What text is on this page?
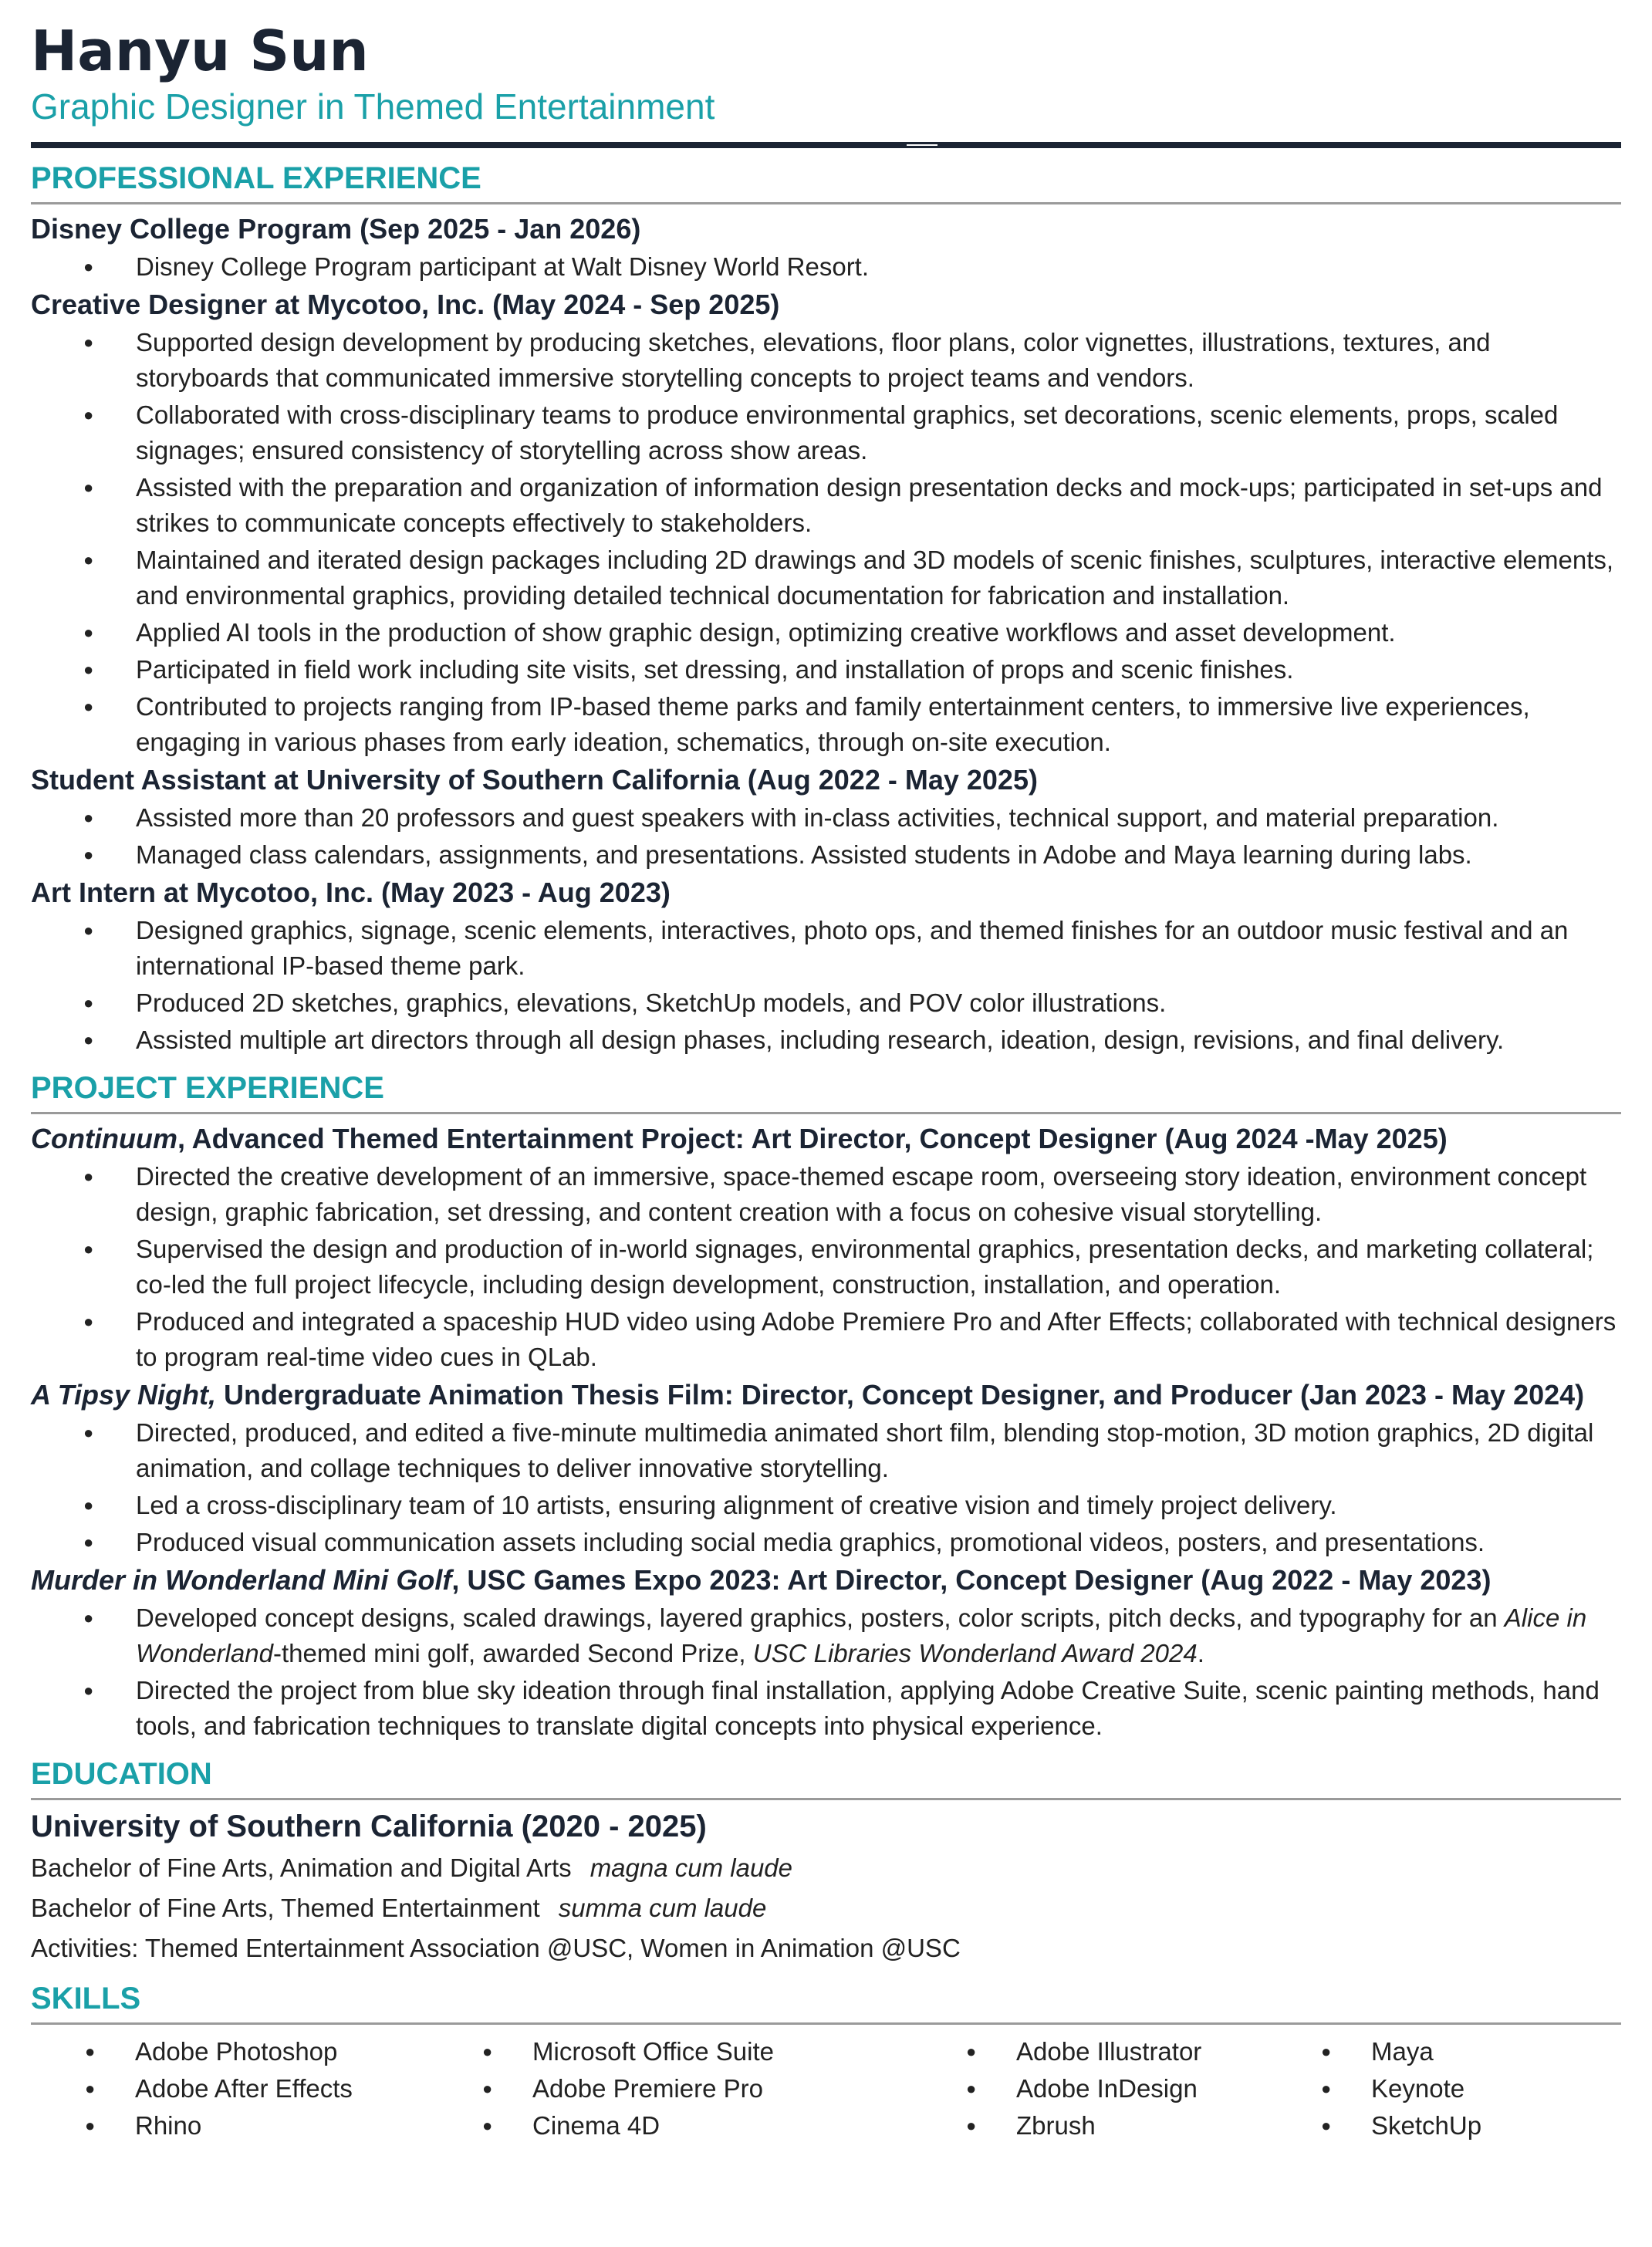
Hanyu Sun
Graphic Designer in Themed Entertainment
PROFESSIONAL EXPERIENCE
Disney College Program (Sep 2025 - Jan 2026)
● Disney College Program participant at Walt Disney World Resort.
Creative Designer at Mycotoo, Inc. (May 2024 - Sep 2025)
● Supported design development by producing sketches, elevations, floor plans, color vignettes, illustrations, textures, and storyboards that communicated immersive storytelling concepts to project teams and vendors.
● Collaborated with cross-disciplinary teams to produce environmental graphics, set decorations, scenic elements, props, scaled signages; ensured consistency of storytelling across show areas.
● Assisted with the preparation and organization of information design presentation decks and mock-ups; participated in set-ups and strikes to communicate concepts effectively to stakeholders.
● Maintained and iterated design packages including 2D drawings and 3D models of scenic finishes, sculptures, interactive elements, and environmental graphics, providing detailed technical documentation for fabrication and installation.
● Applied AI tools in the production of show graphic design, optimizing creative workflows and asset development.
● Participated in field work including site visits, set dressing, and installation of props and scenic finishes.
● Contributed to projects ranging from IP-based theme parks and family entertainment centers, to immersive live experiences, engaging in various phases from early ideation, schematics, through on-site execution.
Student Assistant at University of Southern California (Aug 2022 - May 2025)
● Assisted more than 20 professors and guest speakers with in-class activities, technical support, and material preparation.
● Managed class calendars, assignments, and presentations. Assisted students in Adobe and Maya learning during labs.
Art Intern at Mycotoo, Inc. (May 2023 - Aug 2023)
● Designed graphics, signage, scenic elements, interactives, photo ops, and themed finishes for an outdoor music festival and an international IP-based theme park.
● Produced 2D sketches, graphics, elevations, SketchUp models, and POV color illustrations.
● Assisted multiple art directors through all design phases, including research, ideation, design, revisions, and final delivery.
PROJECT EXPERIENCE
Continuum, Advanced Themed Entertainment Project: Art Director, Concept Designer (Aug 2024 -May 2025)
● Directed the creative development of an immersive, space-themed escape room, overseeing story ideation, environment concept design, graphic fabrication, set dressing, and content creation with a focus on cohesive visual storytelling.
● Supervised the design and production of in-world signages, environmental graphics, presentation decks, and marketing collateral; co-led the full project lifecycle, including design development, construction, installation, and operation.
● Produced and integrated a spaceship HUD video using Adobe Premiere Pro and After Effects; collaborated with technical designers to program real-time video cues in QLab.
A Tipsy Night, Undergraduate Animation Thesis Film: Director, Concept Designer, and Producer (Jan 2023 - May 2024)
● Directed, produced, and edited a five-minute multimedia animated short film, blending stop-motion, 3D motion graphics, 2D digital animation, and collage techniques to deliver innovative storytelling.
● Led a cross-disciplinary team of 10 artists, ensuring alignment of creative vision and timely project delivery.
● Produced visual communication assets including social media graphics, promotional videos, posters, and presentations.
Murder in Wonderland Mini Golf, USC Games Expo 2023: Art Director, Concept Designer (Aug 2022 - May 2023)
● Developed concept designs, scaled drawings, layered graphics, posters, color scripts, pitch decks, and typography for an Alice in Wonderland-themed mini golf, awarded Second Prize, USC Libraries Wonderland Award 2024.
● Directed the project from blue sky ideation through final installation, applying Adobe Creative Suite, scenic painting methods, hand tools, and fabrication techniques to translate digital concepts into physical experience.
EDUCATION
University of Southern California (2020 - 2025)
Bachelor of Fine Arts, Animation and Digital Arts magna cum laude
Bachelor of Fine Arts, Themed Entertainment summa cum laude
Activities: Themed Entertainment Association @USC, Women in Animation @USC
SKILLS
● Adobe Photoshop
● Adobe After Effects
● Rhino
● Microsoft Office Suite
● Adobe Premiere Pro
● Cinema 4D
● Adobe Illustrator
● Adobe InDesign
● Zbrush
● Maya
● Keynote
● SketchUp
